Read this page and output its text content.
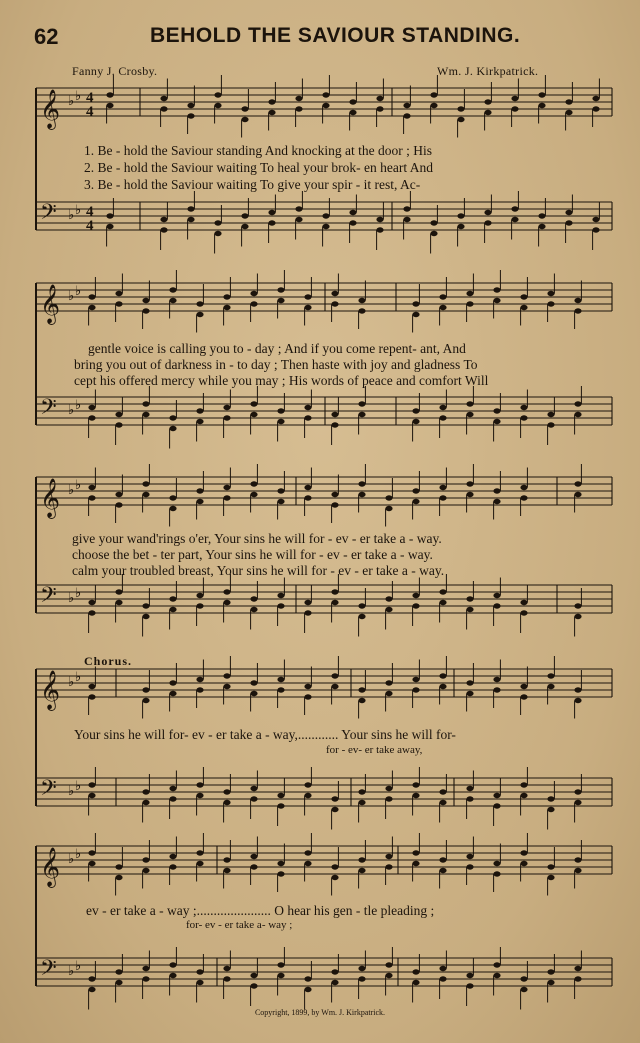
62	BEHOLD THE SAVIOUR STANDING.
Fanny J. Crosby.	Wm. J. Kirkpatrick.
𝄞 ♭ ♭ 4
4
𝄢 ♭ ♭ 4
4
𝄞 ♭ ♭
𝄢 ♭ ♭
𝄞 ♭ ♭
𝄢 ♭ ♭
𝄞 ♭ ♭
𝄢 ♭ ♭
𝄞 ♭ ♭
𝄢 ♭ ♭
1. Be - hold the Saviour standing And knocking at the door ; His
2. Be - hold the Saviour waiting To heal your brok- en heart And
3. Be - hold the Saviour waiting To give your spir - it rest, Ac-
gentle voice is calling you to - day ; And if you come repent- ant, And
bring you out of darkness in - to day ; Then haste with joy and gladness To
cept his offered mercy while you may ; His words of peace and comfort Will
give your wand'rings o'er, Your sins he will for - ev - er take a - way.
choose the bet - ter part, Your sins he will for - ev - er take a - way.
calm your troubled breast, Your sins he will for - ev - er take a - way.
Chorus.
Your sins he will for- ev - er take a - way,............ Your sins he will for-
for - ev- er take away,
ev - er take a - way ;...................... O hear his gen - tle pleading ;
for- ev - er take a- way ;
Copyright, 1899, by Wm. J. Kirkpatrick.
